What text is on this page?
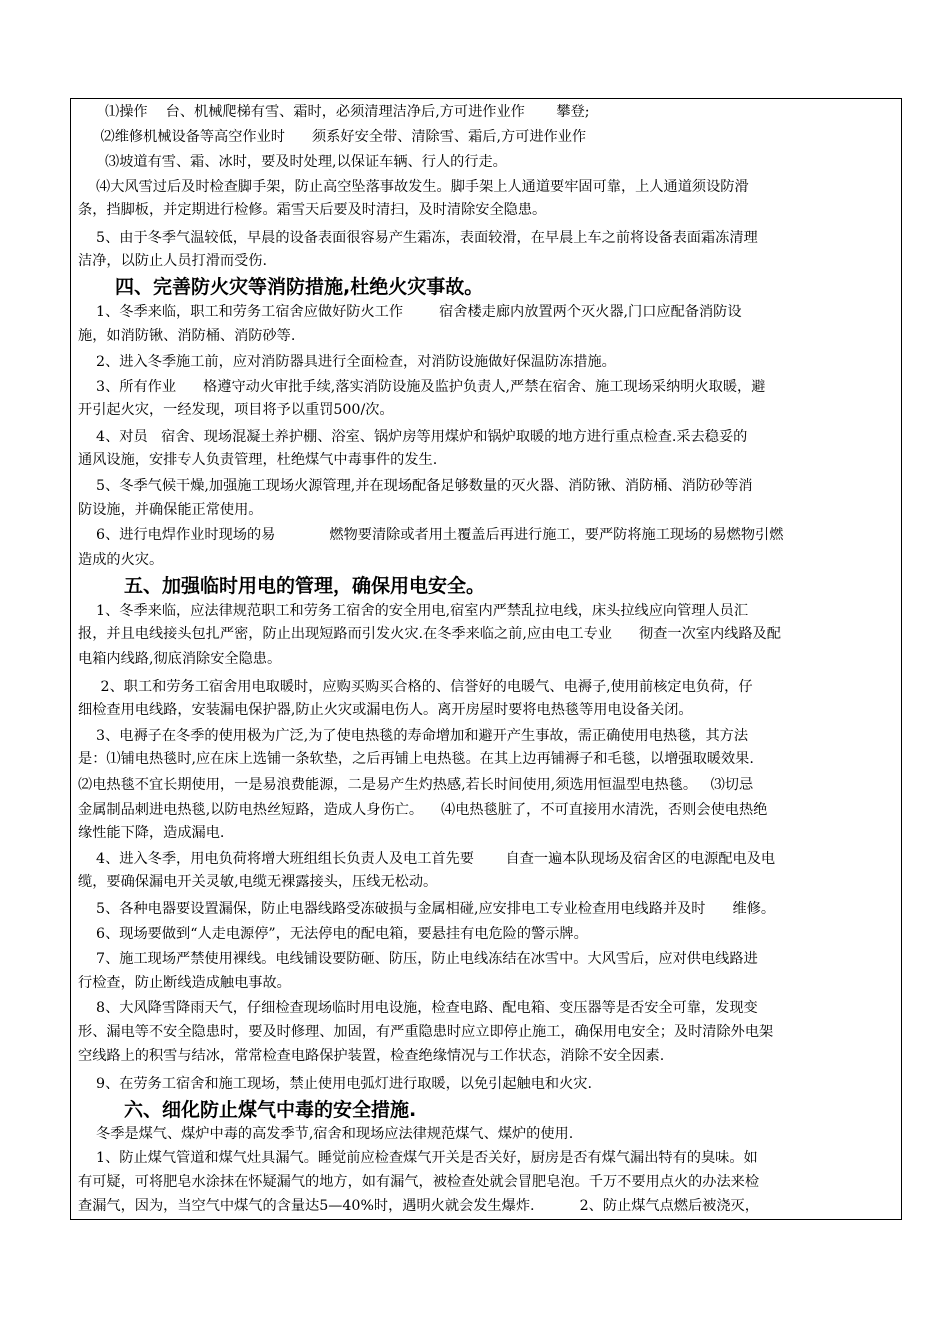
⑴操作    台、机械爬梯有雪、霜时，必须清理洁净后,方可进作业作       攀登;
⑵维修机械设备等高空作业时      须系好安全带、清除雪、霜后,方可进作业作
⑶坡道有雪、霜、冰时，要及时处理,以保证车辆、行人的行走。
⑷大风雪过后及时检查脚手架，防止高空坠落事故发生。脚手架上人通道要牢固可靠，上人通道须设防滑
条，挡脚板，并定期进行检修。霜雪天后要及时清扫，及时清除安全隐患。
5、由于冬季气温较低，早晨的设备表面很容易产生霜冻，表面较滑，在早晨上车之前将设备表面霜冻清理
洁净，以防止人员打滑而受伤.
1、冬季来临，职工和劳务工宿舍应做好防火工作        宿舍楼走廊内放置两个灭火器,门口应配备消防设
施，如消防锹、消防桶、消防砂等.
2、进入冬季施工前，应对消防器具进行全面检查，对消防设施做好保温防冻措施。
3、所有作业      格遵守动火审批手续,落实消防设施及监护负责人,严禁在宿舍、施工现场采纳明火取暖，避
开引起火灾，一经发现，项目将予以重罚500/次。
4、对员   宿舍、现场混凝土养护棚、浴室、锅炉房等用煤炉和锅炉取暖的地方进行重点检查.采去稳妥的
通风设施，安排专人负责管理，杜绝煤气中毒事件的发生.
5、冬季气候干燥,加强施工现场火源管理,并在现场配备足够数量的灭火器、消防锹、消防桶、消防砂等消
防设施，并确保能正常使用。
6、进行电焊作业时现场的易            燃物要清除或者用土覆盖后再进行施工，要严防将施工现场的易燃物引燃
造成的火灾。
1、冬季来临，应法律规范职工和劳务工宿舍的安全用电,宿室内严禁乱拉电线，床头拉线应向管理人员汇
报，并且电线接头包扎严密，防止出现短路而引发火灾.在冬季来临之前,应由电工专业      彻查一次室内线路及配
电箱内线路,彻底消除安全隐患。
2、职工和劳务工宿舍用电取暖时，应购买购买合格的、信誉好的电暖气、电褥子,使用前核定电负荷，仔
细检查用电线路，安装漏电保护器,防止火灾或漏电伤人。离开房屋时要将电热毯等用电设备关闭。
3、电褥子在冬季的使用极为广泛,为了使电热毯的寿命增加和避开产生事故，需正确使用电热毯，其方法
是：⑴铺电热毯时,应在床上选铺一条软垫，之后再铺上电热毯。在其上边再铺褥子和毛毯，以增强取暖效果.
⑵电热毯不宜长期使用，一是易浪费能源，二是易产生灼热感,若长时间使用,须选用恒温型电热毯。   ⑶切忌
金属制品刺进电热毯,以防电热丝短路，造成人身伤亡。    ⑷电热毯脏了，不可直接用水清洗，否则会使电热绝
缘性能下降，造成漏电.
4、进入冬季，用电负荷将增大班组组长负责人及电工首先要       自查一遍本队现场及宿舍区的电源配电及电
缆，要确保漏电开关灵敏,电缆无裸露接头，压线无松动。
5、各种电器要设置漏保，防止电器线路受冻破损与金属相碰,应安排电工专业检查用电线路并及时      维修。
6、现场要做到“人走电源停”，无法停电的配电箱，要悬挂有电危险的警示牌。
7、施工现场严禁使用裸线。电线铺设要防砸、防压，防止电线冻结在冰雪中。大风雪后，应对供电线路进
行检查，防止断线造成触电事故。
8、大风降雪降雨天气，仔细检查现场临时用电设施，检查电路、配电箱、变压器等是否安全可靠，发现变
形、漏电等不安全隐患时，要及时修理、加固，有严重隐患时应立即停止施工，确保用电安全；及时清除外电架
空线路上的积雪与结冰，常常检查电路保护装置，检查绝缘情况与工作状态，消除不安全因素.
9、在劳务工宿舍和施工现场，禁止使用电弧灯进行取暖，以免引起触电和火灾.
冬季是煤气、煤炉中毒的高发季节,宿舍和现场应法律规范煤气、煤炉的使用.
1、防止煤气管道和煤气灶具漏气。睡觉前应检查煤气开关是否关好，厨房是否有煤气漏出特有的臭味。如
有可疑，可将肥皂水涂抹在怀疑漏气的地方，如有漏气，被检查处就会冒肥皂泡。千万不要用点火的办法来检
查漏气，因为，当空气中煤气的含量达5—40%时，遇明火就会发生爆炸.          2、防止煤气点燃后被浇灭，
四、完善防火灾等消防措施,杜绝火灾事故。
五、加强临时用电的管理，确保用电安全。
六、细化防止煤气中毒的安全措施.
